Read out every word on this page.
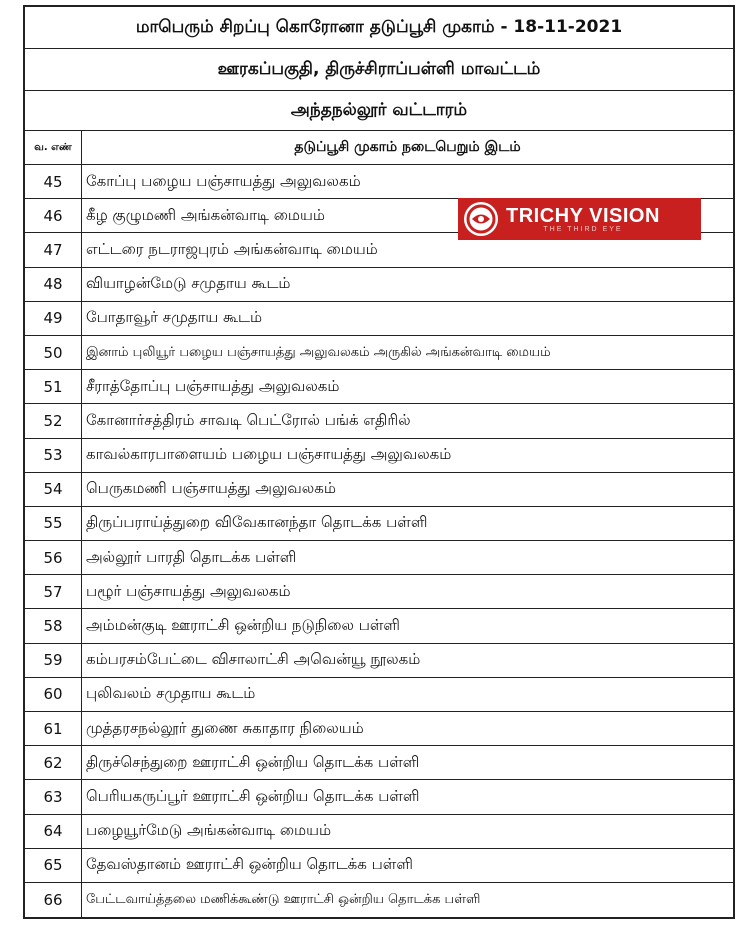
மாபெரும் சிறப்பு கொரோனா தடுப்பூசி முகாம் - 18-11-2021
ஊரகப்பகுதி, திருச்சிராப்பள்ளி மாவட்டம்
அந்தநல்லூர் வட்டாரம்
வ. எண்	தடுப்பூசி முகாம் நடைபெறும் இடம்
45	கோப்பு பழைய பஞ்சாயத்து அலுவலகம்
46	கீழ குழுமணி அங்கன்வாடி மையம்
47	எட்டரை நடராஜபுரம் அங்கன்வாடி மையம்
48	வியாழன்மேடு சமுதாய கூடம்
49	போதாவூர் சமுதாய கூடம்
50	இனாம் புலியூர் பழைய பஞ்சாயத்து அலுவலகம் அருகில் அங்கன்வாடி மையம்
51	சீராத்தோப்பு பஞ்சாயத்து அலுவலகம்
52	கோனார்சத்திரம் சாவடி பெட்ரோல் பங்க் எதிரில்
53	காவல்காரபாளையம் பழைய பஞ்சாயத்து அலுவலகம்
54	பெருகமணி பஞ்சாயத்து அலுவலகம்
55	திருப்பராய்த்துறை விவேகானந்தா தொடக்க பள்ளி
56	அல்லூர் பாரதி தொடக்க பள்ளி
57	பழூர் பஞ்சாயத்து அலுவலகம்
58	அம்மன்குடி ஊராட்சி ஒன்றிய நடுநிலை பள்ளி
59	கம்பரசம்பேட்டை விசாலாட்சி அவென்யூ நூலகம்
60	புலிவலம் சமுதாய கூடம்
61	முத்தரசநல்லூர் துணை சுகாதார நிலையம்
62	திருச்செந்துறை ஊராட்சி ஒன்றிய தொடக்க பள்ளி
63	பெரியகருப்பூர் ஊராட்சி ஒன்றிய தொடக்க பள்ளி
64	பழையூர்மேடு அங்கன்வாடி மையம்
65	தேவஸ்தானம் ஊராட்சி ஒன்றிய தொடக்க பள்ளி
66	பேட்டவாய்த்தலை மணிக்கூண்டு ஊராட்சி ஒன்றிய தொடக்க பள்ளி
TRICHY VISION
THE THIRD EYE
